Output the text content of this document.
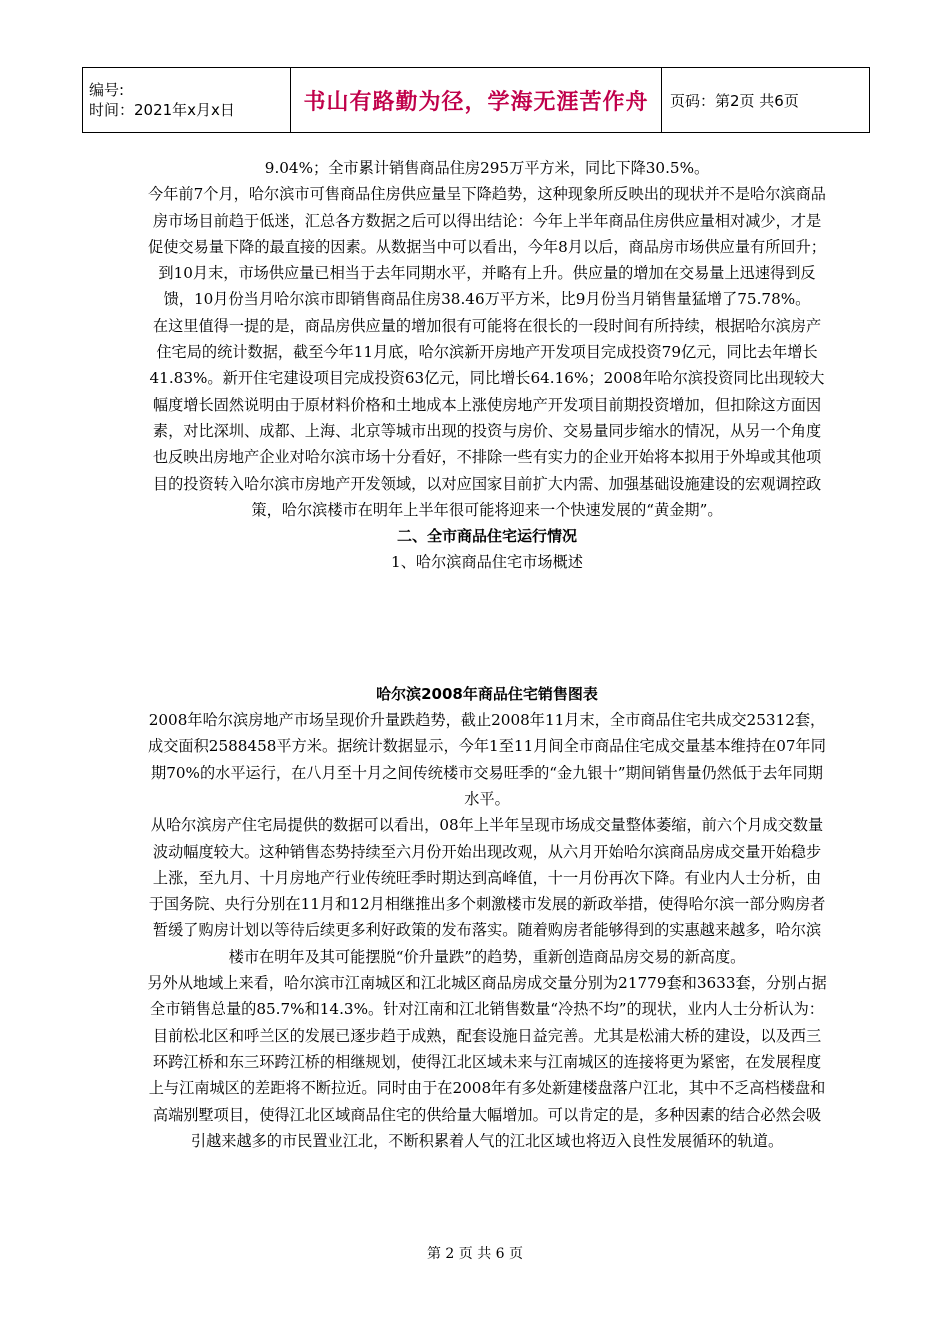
编号:
时间：2021年x月x日	书山有路勤为径，学海无涯苦作舟	页码：第2页 共6页

9.04%；全市累计销售商品住房295万平方米，同比下降30.5%。

今年前7个月，哈尔滨市可售商品住房供应量呈下降趋势，这种现象所反映出的现状并不是哈尔滨商品房市场目前趋于低迷，汇总各方数据之后可以得出结论：今年上半年商品住房供应量相对减少，才是促使交易量下降的最直接的因素。从数据当中可以看出，今年8月以后，商品房市场供应量有所回升；到10月末，市场供应量已相当于去年同期水平，并略有上升。供应量的增加在交易量上迅速得到反馈，10月份当月哈尔滨市即销售商品住房38.46万平方米，比9月份当月销售量猛增了75.78%。

在这里值得一提的是，商品房供应量的增加很有可能将在很长的一段时间有所持续，根据哈尔滨房产住宅局的统计数据，截至今年11月底，哈尔滨新开房地产开发项目完成投资79亿元，同比去年增长41.83%。新开住宅建设项目完成投资63亿元，同比增长64.16%；2008年哈尔滨投资同比出现较大幅度增长固然说明由于原材料价格和土地成本上涨使房地产开发项目前期投资增加，但扣除这方面因素，对比深圳、成都、上海、北京等城市出现的投资与房价、交易量同步缩水的情况，从另一个角度也反映出房地产企业对哈尔滨市场十分看好，不排除一些有实力的企业开始将本拟用于外埠或其他项目的投资转入哈尔滨市房地产开发领域，以对应国家目前扩大内需、加强基础设施建设的宏观调控政策，哈尔滨楼市在明年上半年很可能将迎来一个快速发展的“黄金期”。

二、全市商品住宅运行情况

1、哈尔滨商品住宅市场概述

哈尔滨2008年商品住宅销售图表

2008年哈尔滨房地产市场呈现价升量跌趋势，截止2008年11月末，全市商品住宅共成交25312套，成交面积2588458平方米。据统计数据显示，今年1至11月间全市商品住宅成交量基本维持在07年同期70%的水平运行，在八月至十月之间传统楼市交易旺季的“金九银十”期间销售量仍然低于去年同期水平。

从哈尔滨房产住宅局提供的数据可以看出，08年上半年呈现市场成交量整体萎缩，前六个月成交数量波动幅度较大。这种销售态势持续至六月份开始出现改观，从六月开始哈尔滨商品房成交量开始稳步上涨，至九月、十月房地产行业传统旺季时期达到高峰值，十一月份再次下降。有业内人士分析，由于国务院、央行分别在11月和12月相继推出多个刺激楼市发展的新政举措，使得哈尔滨一部分购房者暂缓了购房计划以等待后续更多利好政策的发布落实。随着购房者能够得到的实惠越来越多，哈尔滨楼市在明年及其可能摆脱“价升量跌”的趋势，重新创造商品房交易的新高度。

另外从地域上来看，哈尔滨市江南城区和江北城区商品房成交量分别为21779套和3633套，分别占据全市销售总量的85.7%和14.3%。针对江南和江北销售数量“冷热不均”的现状，业内人士分析认为：目前松北区和呼兰区的发展已逐步趋于成熟，配套设施日益完善。尤其是松浦大桥的建设，以及西三环跨江桥和东三环跨江桥的相继规划，使得江北区域未来与江南城区的连接将更为紧密，在发展程度上与江南城区的差距将不断拉近。同时由于在2008年有多处新建楼盘落户江北，其中不乏高档楼盘和高端别墅项目，使得江北区域商品住宅的供给量大幅增加。可以肯定的是，多种因素的结合必然会吸引越来越多的市民置业江北，不断积累着人气的江北区域也将迈入良性发展循环的轨道。

第 2 页 共 6 页
